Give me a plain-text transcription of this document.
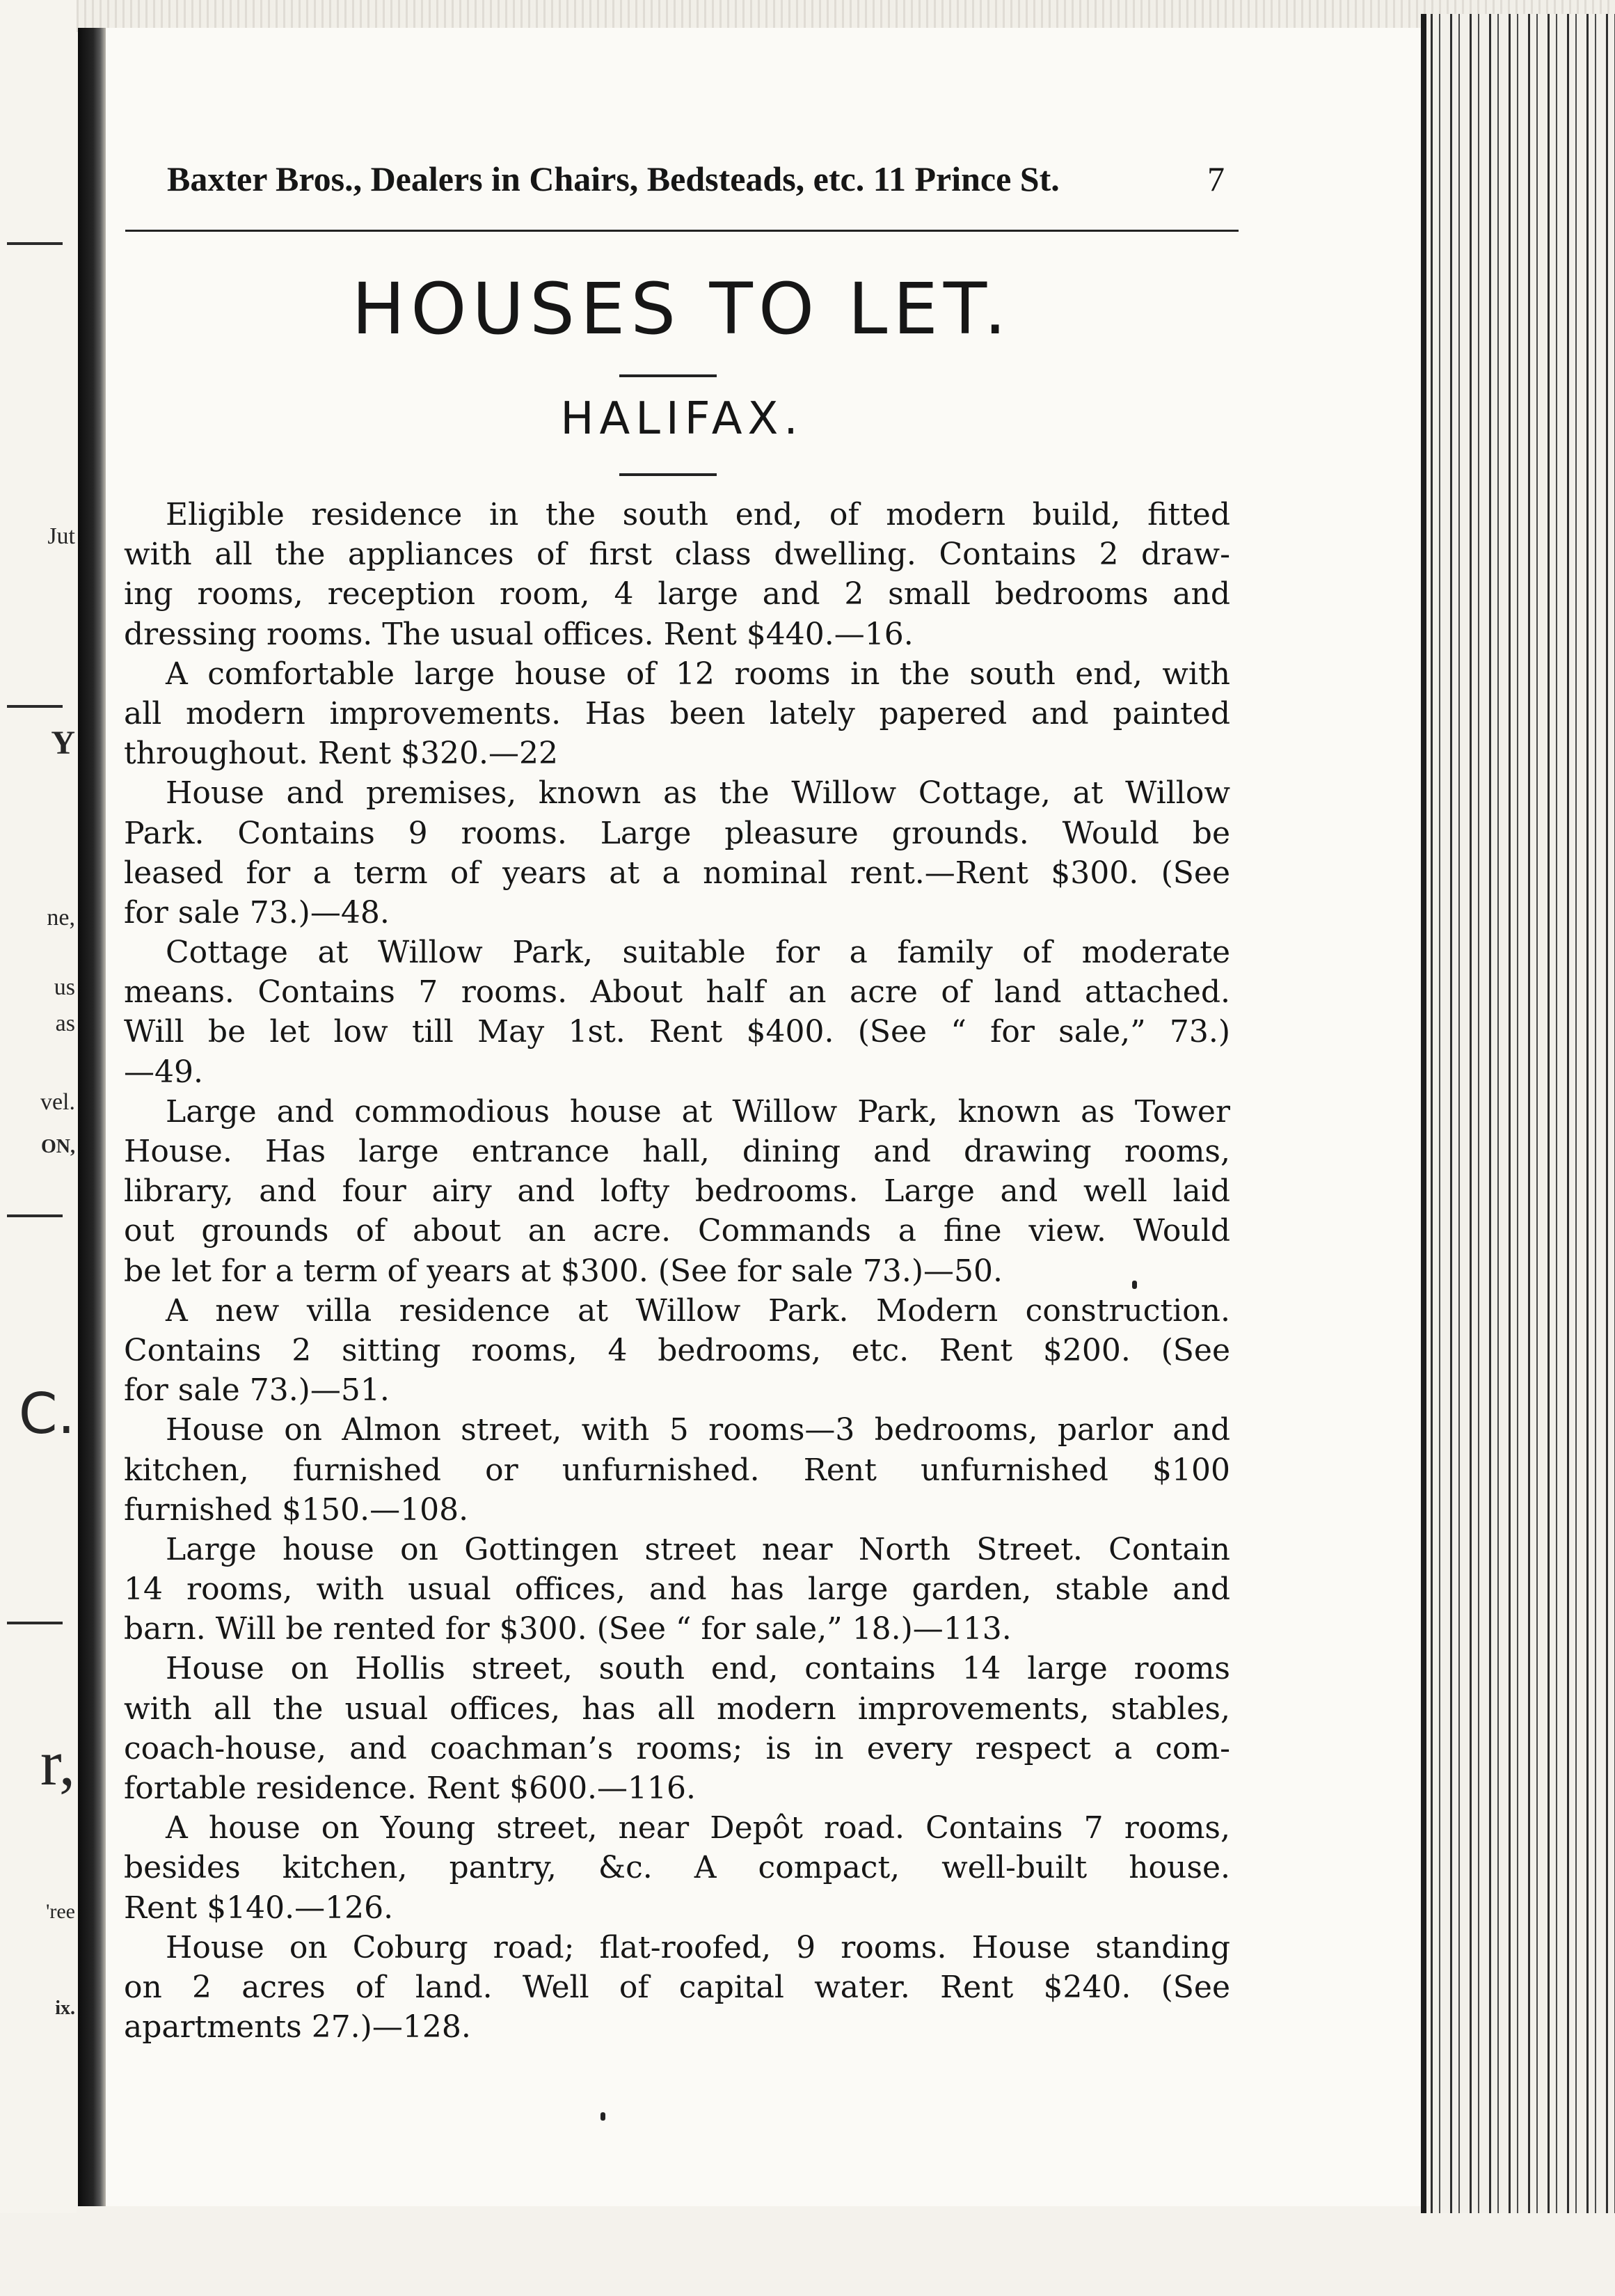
Jut
Y
ne,
us
as
vel.
ON,
C.
r,
'ree
ix.
Baxter Bros., Dealers in Chairs, Bedsteads, etc. 11 Prince St.	7
HOUSES TO LET.
HALIFAX.
Eligible residence in the south end, of modern build, fitted
with all the appliances of first class dwelling. Contains 2 draw-
ing rooms, reception room, 4 large and 2 small bedrooms and
dressing rooms. The usual offices. Rent $440.—16.
A comfortable large house of 12 rooms in the south end, with
all modern improvements. Has been lately papered and painted
throughout. Rent $320.—22
House and premises, known as the Willow Cottage, at Willow
Park. Contains 9 rooms. Large pleasure grounds. Would be
leased for a term of years at a nominal rent.—Rent $300. (See
for sale 73.)—48.
Cottage at Willow Park, suitable for a family of moderate
means. Contains 7 rooms. About half an acre of land attached.
Will be let low till May 1st. Rent $400. (See “ for sale,” 73.)
—49.
Large and commodious house at Willow Park, known as Tower
House. Has large entrance hall, dining and drawing rooms,
library, and four airy and lofty bedrooms. Large and well laid
out grounds of about an acre. Commands a fine view. Would
be let for a term of years at $300. (See for sale 73.)—50.
A new villa residence at Willow Park. Modern construction.
Contains 2 sitting rooms, 4 bedrooms, etc. Rent $200. (See
for sale 73.)—51.
House on Almon street, with 5 rooms—3 bedrooms, parlor and
kitchen, furnished or unfurnished. Rent unfurnished $100
furnished $150.—108.
Large house on Gottingen street near North Street. Contain
14 rooms, with usual offices, and has large garden, stable and
barn. Will be rented for $300. (See “ for sale,” 18.)—113.
House on Hollis street, south end, contains 14 large rooms
with all the usual offices, has all modern improvements, stables,
coach-house, and coachman’s rooms; is in every respect a com-
fortable residence. Rent $600.—116.
A house on Young street, near Depôt road. Contains 7 rooms,
besides kitchen, pantry, &c. A compact, well-built house.
Rent $140.—126.
House on Coburg road; flat-roofed, 9 rooms. House standing
on 2 acres of land. Well of capital water. Rent $240. (See
apartments 27.)—128.
